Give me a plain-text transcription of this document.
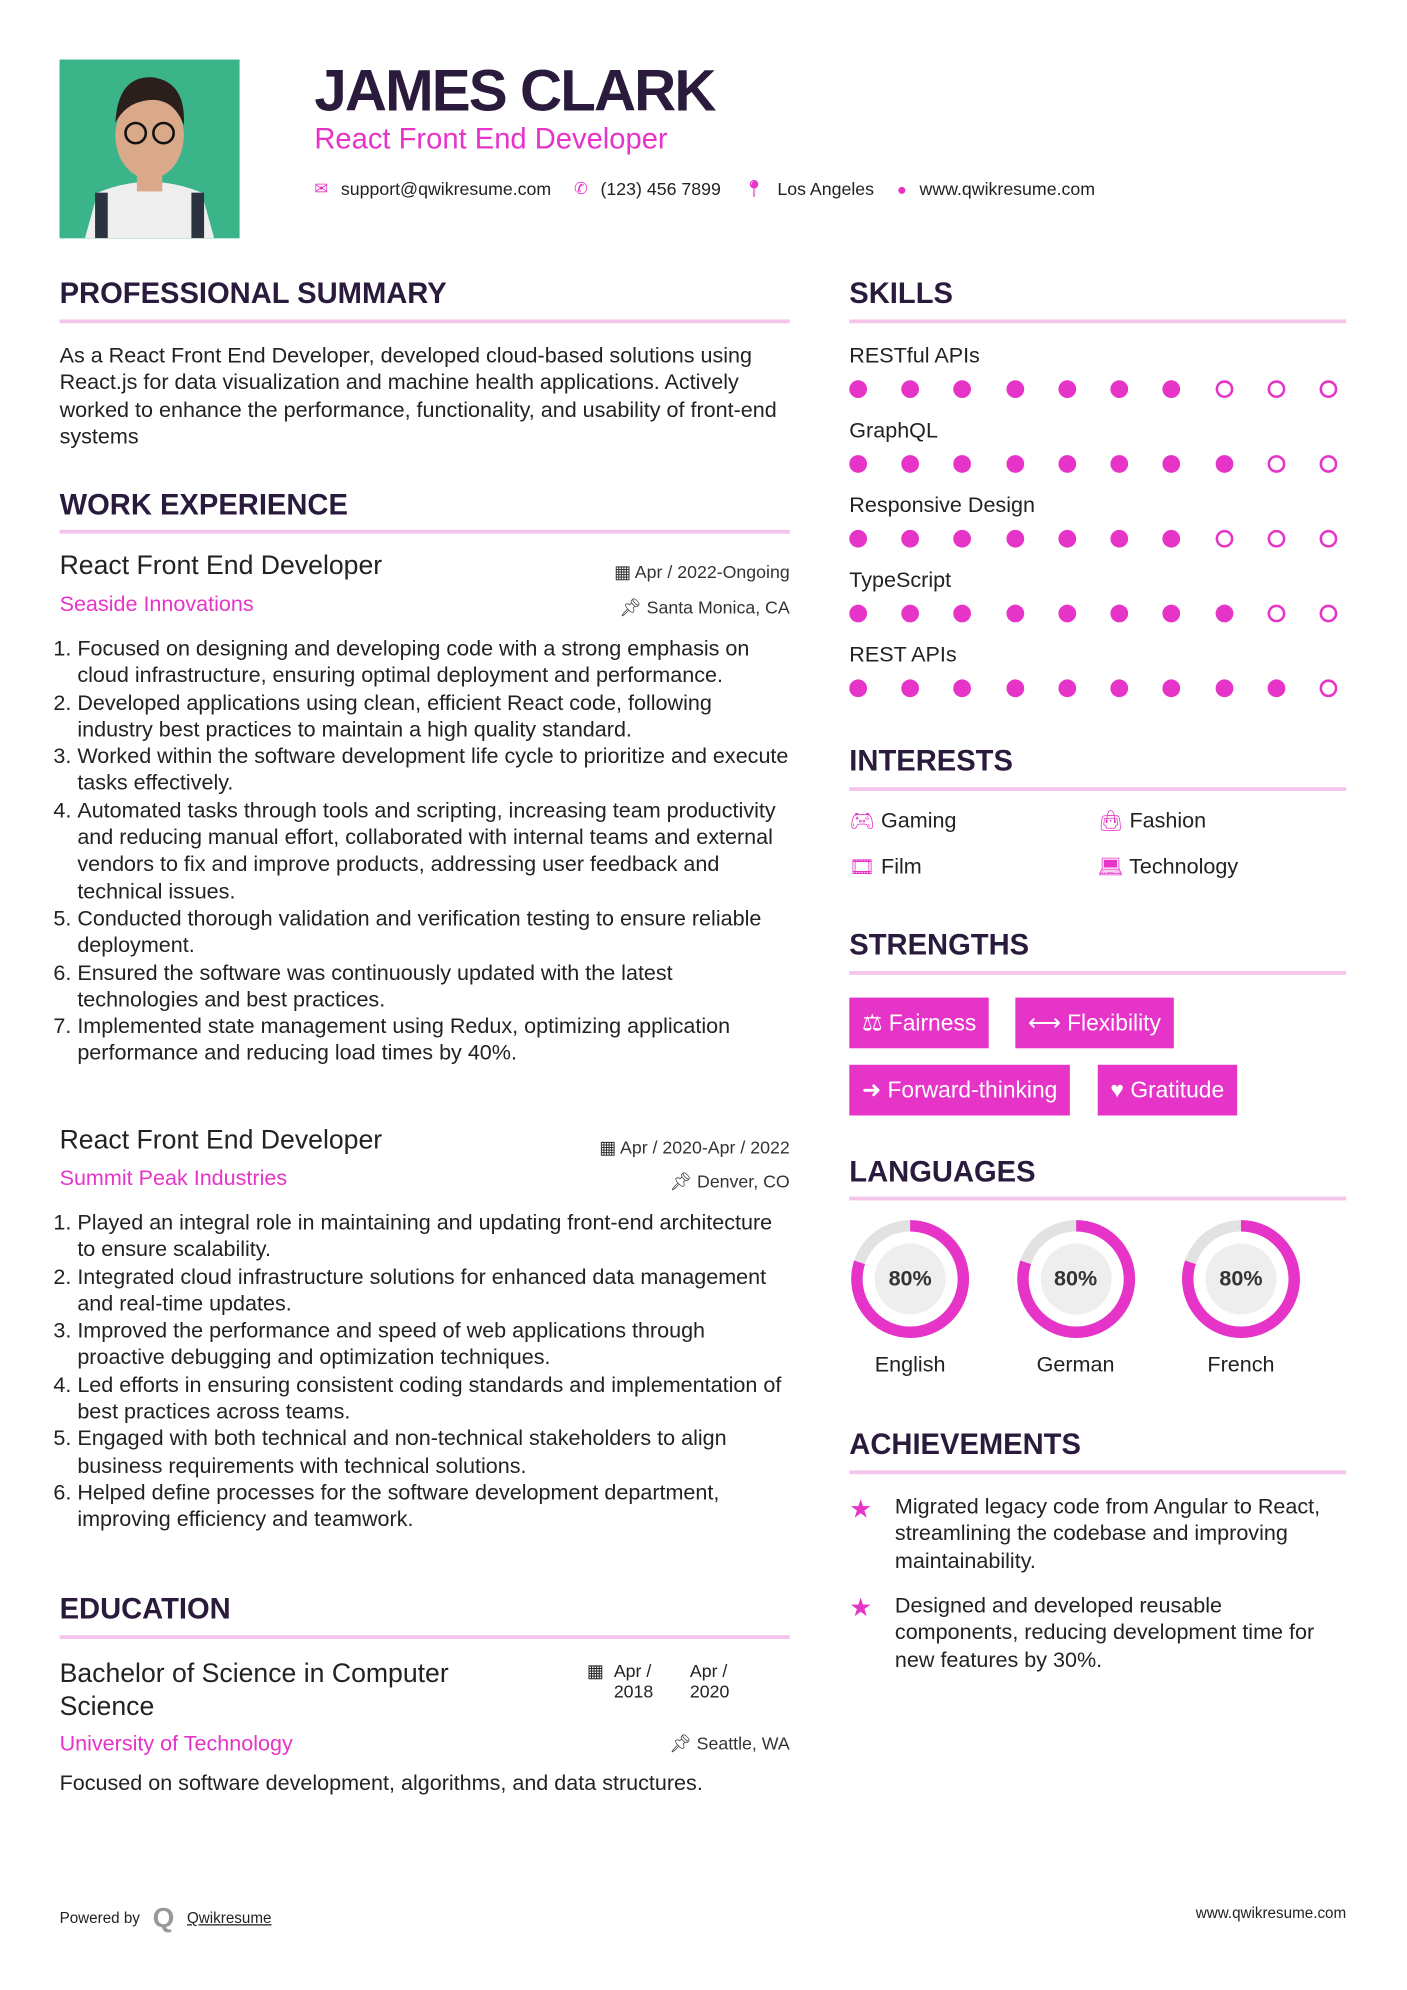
JAMES CLARK
React Front End Developer
✉ support@qwikresume.com ✆ (123) 456 7899 📍︎ Los Angeles ● www.qwikresume.com
PROFESSIONAL SUMMARY
As a React Front End Developer, developed cloud-based solutions using React.js for data visualization and machine health applications. Actively worked to enhance the performance, functionality, and usability of front-end systems
WORK EXPERIENCE
React Front End Developer	▦ Apr / 2022-Ongoing
Seaside Innovations	📌︎ Santa Monica, CA
1. Focused on designing and developing code with a strong emphasis on cloud infrastructure, ensuring optimal deployment and performance.
2. Developed applications using clean, efficient React code, following industry best practices to maintain a high quality standard.
3. Worked within the software development life cycle to prioritize and execute tasks effectively.
4. Automated tasks through tools and scripting, increasing team productivity and reducing manual effort, collaborated with internal teams and external vendors to fix and improve products, addressing user feedback and technical issues.
5. Conducted thorough validation and verification testing to ensure reliable deployment.
6. Ensured the software was continuously updated with the latest technologies and best practices.
7. Implemented state management using Redux, optimizing application performance and reducing load times by 40%.
React Front End Developer	▦ Apr / 2020-Apr / 2022
Summit Peak Industries	📌︎ Denver, CO
1. Played an integral role in maintaining and updating front-end architecture to ensure scalability.
2. Integrated cloud infrastructure solutions for enhanced data management and real-time updates.
3. Improved the performance and speed of web applications through proactive debugging and optimization techniques.
4. Led efforts in ensuring consistent coding standards and implementation of best practices across teams.
5. Engaged with both technical and non-technical stakeholders to align business requirements with technical solutions.
6. Helped define processes for the software development department, improving efficiency and teamwork.
EDUCATION
Bachelor of Science in Computer Science
▦ Apr / 2018
Apr / 2020
University of Technology	📌︎ Seattle, WA
Focused on software development, algorithms, and data structures.
SKILLS
RESTful APIs
GraphQL
Responsive Design
TypeScript
REST APIs
INTERESTS
🎮︎ Gaming	👜︎ Fashion
🎞︎ Film	💻︎ Technology
STRENGTHS
⚖ Fairness	⟷ Flexibility
➜ Forward-thinking	♥ Gratitude
LANGUAGES
80%
English
80%
German
80%
French
ACHIEVEMENTS
★ Migrated legacy code from Angular to React, streamlining the codebase and improving maintainability.
★ Designed and developed reusable components, reducing development time for new features by 30%.
Powered by Q Qwikresume	www.qwikresume.com
